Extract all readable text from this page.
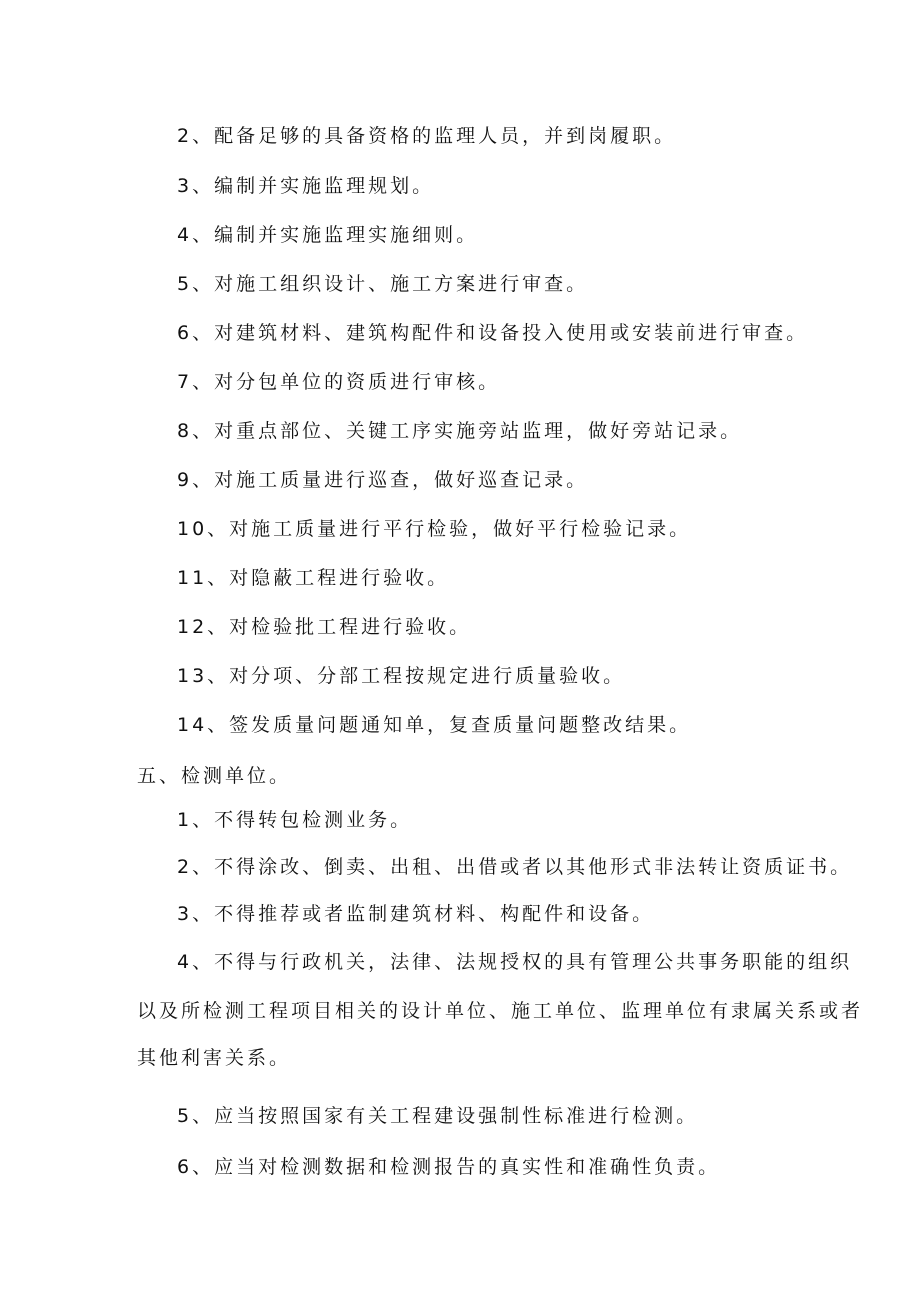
2、配备足够的具备资格的监理人员，并到岗履职。
3、编制并实施监理规划。
4、编制并实施监理实施细则。
5、对施工组织设计、施工方案进行审查。
6、对建筑材料、建筑构配件和设备投入使用或安装前进行审查。
7、对分包单位的资质进行审核。
8、对重点部位、关键工序实施旁站监理，做好旁站记录。
9、对施工质量进行巡查，做好巡查记录。
10、对施工质量进行平行检验，做好平行检验记录。
11、对隐蔽工程进行验收。
12、对检验批工程进行验收。
13、对分项、分部工程按规定进行质量验收。
14、签发质量问题通知单，复查质量问题整改结果。
五、检测单位。
1、不得转包检测业务。
2、不得涂改、倒卖、出租、出借或者以其他形式非法转让资质证书。
3、不得推荐或者监制建筑材料、构配件和设备。
4、不得与行政机关，法律、法规授权的具有管理公共事务职能的组织
以及所检测工程项目相关的设计单位、施工单位、监理单位有隶属关系或者
其他利害关系。
5、应当按照国家有关工程建设强制性标准进行检测。
6、应当对检测数据和检测报告的真实性和准确性负责。
